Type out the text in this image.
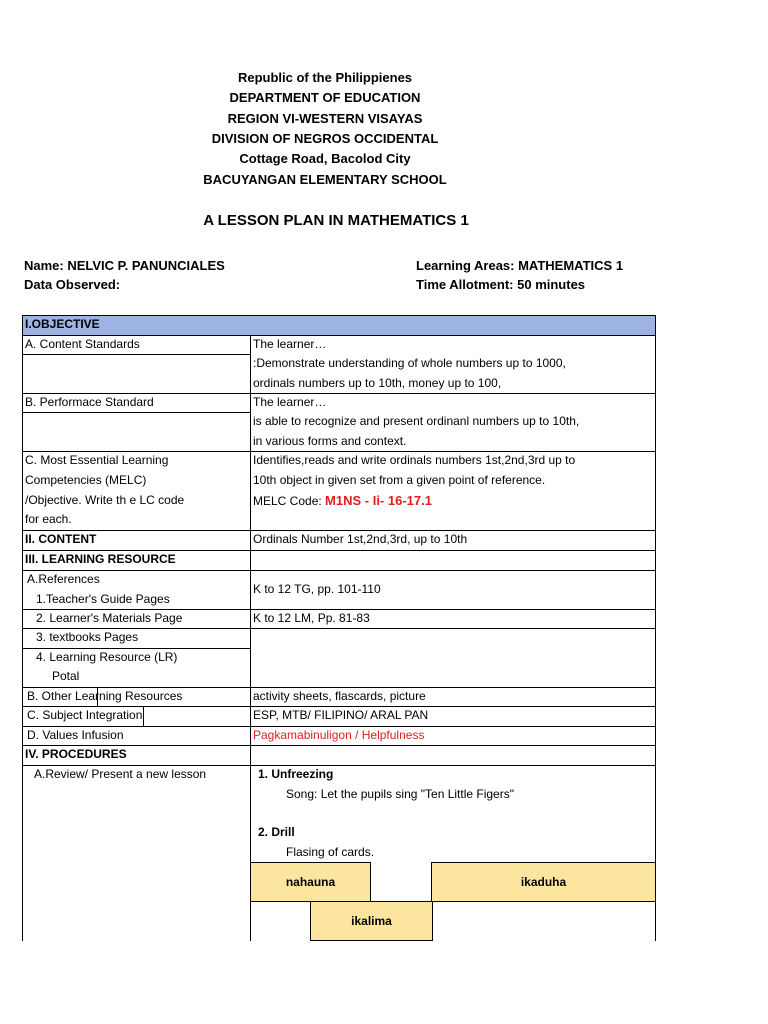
Republic of the Philippienes
DEPARTMENT OF EDUCATION
REGION VI-WESTERN VISAYAS
DIVISION OF NEGROS OCCIDENTAL
Cottage Road, Bacolod City
BACUYANGAN ELEMENTARY SCHOOL
A LESSON PLAN IN MATHEMATICS 1
Name: NELVIC P. PANUNCIALES
Data Observed:
Learning Areas: MATHEMATICS 1
Time Allotment: 50 minutes
I.OBJECTIVE
A. Content Standards
B. Performace Standard
C. Most Essential Learning
Competencies (MELC)
/Objective. Write th e LC code
for each.
II. CONTENT
III. LEARNING RESOURCE
A.References
1.Teacher's Guide Pages
2. Learner's Materials Page
3. textbooks Pages
4. Learning Resource (LR)
Potal
B. Other Learning Resources
C. Subject Integration
D. Values Infusion
IV. PROCEDURES
A.Review/ Present a new lesson
The learner…
:Demonstrate understanding of whole numbers up to 1000,
ordinals numbers up to 10th, money up to 100,
The learner…
is able to recognize and present ordinanl numbers up to 10th,
in various forms and context.
Identifies,reads and write ordinals numbers 1st,2nd,3rd up to
10th object in given set from a given point of reference.
MELC Code: M1NS - Ii- 16-17.1
Ordinals Number 1st,2nd,3rd, up to 10th
K to 12 TG, pp. 101-110
K to 12 LM, Pp. 81-83
activity sheets, flascards, picture
ESP, MTB/ FILIPINO/ ARAL PAN
Pagkamabinuligon / Helpfulness
1. Unfreezing
Song: Let the pupils sing "Ten Little Figers"
2. Drill
Flasing of cards.
nahauna	ikaduha
ikalima
